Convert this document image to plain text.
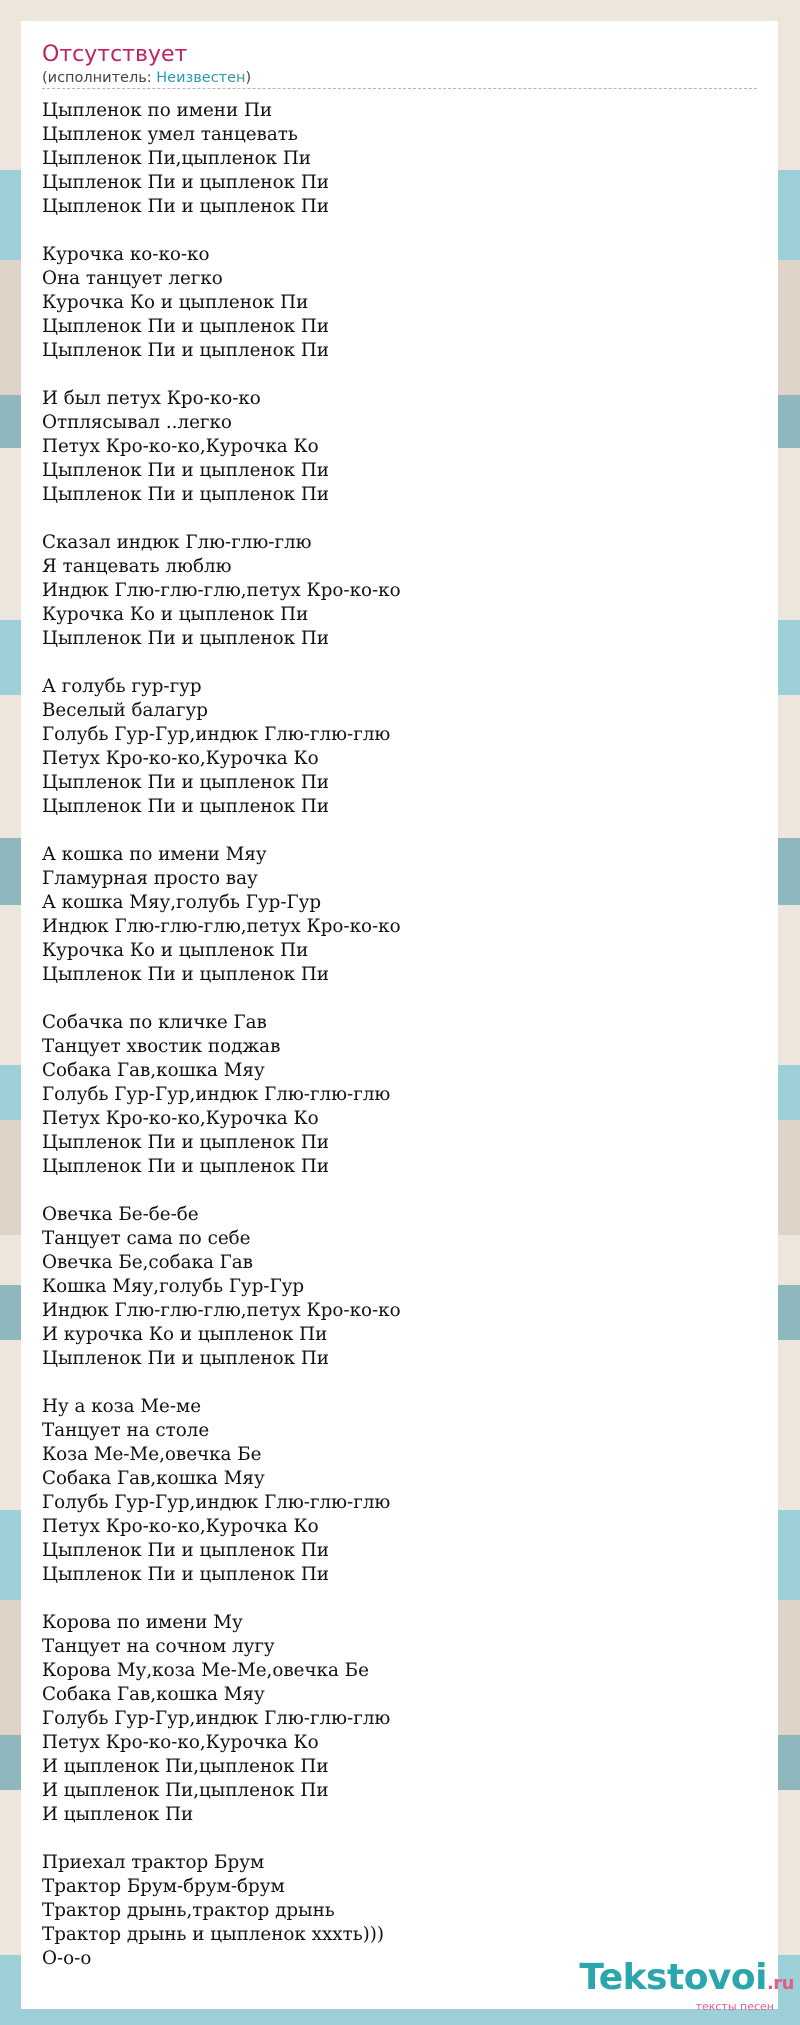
Отсутствует
(исполнитель: Неизвестен)
Цыпленок по имени Пи
Цыпленок умел танцевать
Цыпленок Пи,цыпленок Пи
Цыпленок Пи и цыпленок Пи
Цыпленок Пи и цыпленок Пи
Курочка ко-ко-ко
Она танцует легко
Курочка Ко и цыпленок Пи
Цыпленок Пи и цыпленок Пи
Цыпленок Пи и цыпленок Пи
И был петух Кро-ко-ко
Отплясывал ..легко
Петух Кро-ко-ко,Курочка Ко
Цыпленок Пи и цыпленок Пи
Цыпленок Пи и цыпленок Пи
Сказал индюк Глю-глю-глю
Я танцевать люблю
Индюк Глю-глю-глю,петух Кро-ко-ко
Курочка Ко и цыпленок Пи
Цыпленок Пи и цыпленок Пи
А голубь гур-гур
Веселый балагур
Голубь Гур-Гур,индюк Глю-глю-глю
Петух Кро-ко-ко,Курочка Ко
Цыпленок Пи и цыпленок Пи
Цыпленок Пи и цыпленок Пи
А кошка по имени Мяу
Гламурная просто вау
А кошка Мяу,голубь Гур-Гур
Индюк Глю-глю-глю,петух Кро-ко-ко
Курочка Ко и цыпленок Пи
Цыпленок Пи и цыпленок Пи
Собачка по кличке Гав
Танцует хвостик поджав
Собака Гав,кошка Мяу
Голубь Гур-Гур,индюк Глю-глю-глю
Петух Кро-ко-ко,Курочка Ко
Цыпленок Пи и цыпленок Пи
Цыпленок Пи и цыпленок Пи
Овечка Бе-бе-бе
Танцует сама по себе
Овечка Бе,собака Гав
Кошка Мяу,голубь Гур-Гур
Индюк Глю-глю-глю,петух Кро-ко-ко
И курочка Ко и цыпленок Пи
Цыпленок Пи и цыпленок Пи
Ну а коза Ме-ме
Танцует на столе
Коза Ме-Ме,овечка Бе
Собака Гав,кошка Мяу
Голубь Гур-Гур,индюк Глю-глю-глю
Петух Кро-ко-ко,Курочка Ко
Цыпленок Пи и цыпленок Пи
Цыпленок Пи и цыпленок Пи
Корова по имени Му
Танцует на сочном лугу
Корова Му,коза Ме-Ме,овечка Бе
Собака Гав,кошка Мяу
Голубь Гур-Гур,индюк Глю-глю-глю
Петух Кро-ко-ко,Курочка Ко
И цыпленок Пи,цыпленок Пи
И цыпленок Пи,цыпленок Пи
И цыпленок Пи
Приехал трактор Брум
Трактор Брум-брум-брум
Трактор дрынь,трактор дрынь
Трактор дрынь и цыпленок хххть)))
О-о-о	Tekstovoi.ru
тексты песен
